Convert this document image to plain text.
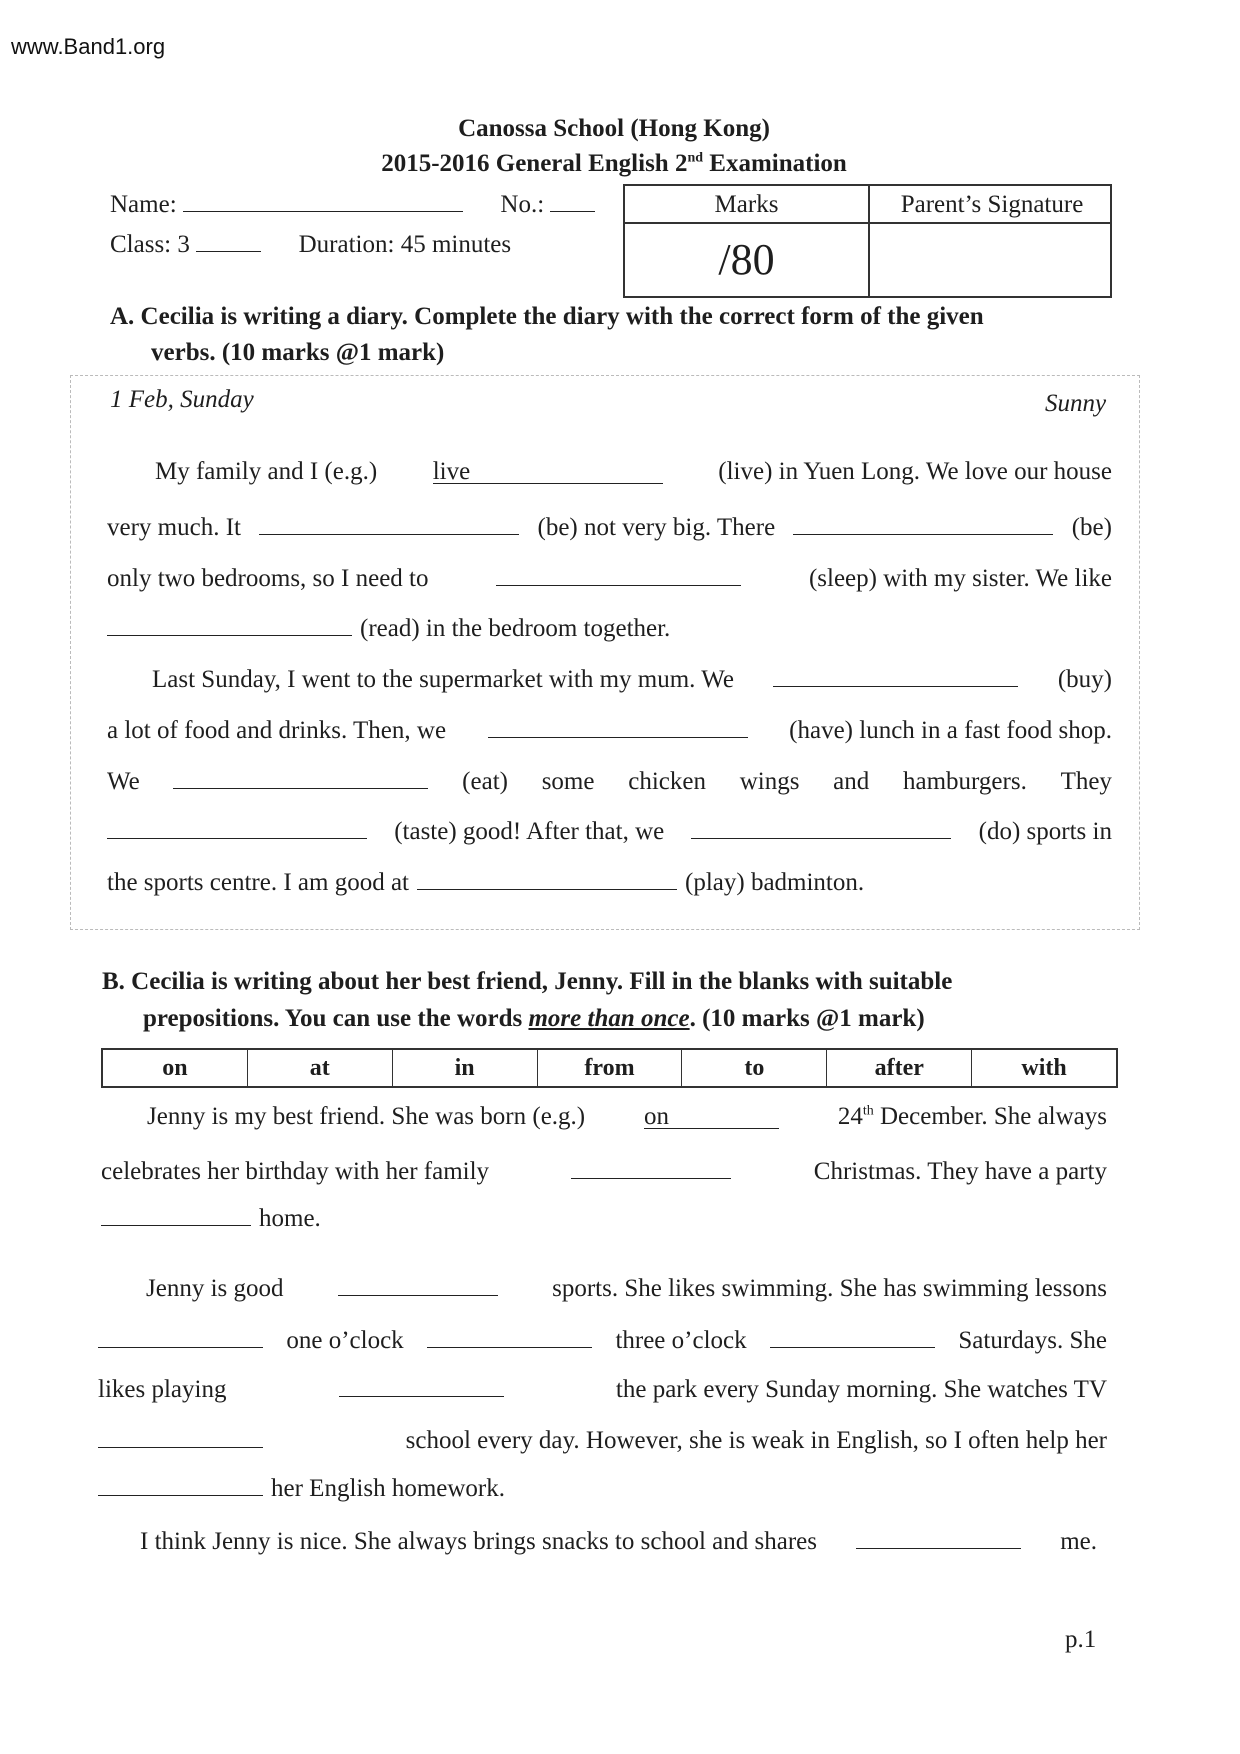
www.Band1.org
Canossa School (Hong Kong)
2015-2016 General English 2nd Examination
Name:	No.:
Class: 3	Duration: 45 minutes
Marks	Parent’s Signature
/80
A. Cecilia is writing a diary. Complete the diary with the correct form of the given
verbs. (10 marks @1 mark)
1 Feb, Sunday	Sunny
My family and I (e.g.) live	(live) in Yuen Long. We love our house
very much. It	(be) not very big. There	(be)
only two bedrooms, so I need to	(sleep) with my sister. We like
(read) in the bedroom together.
Last Sunday, I went to the supermarket with my mum. We	(buy)
a lot of food and drinks. Then, we	(have) lunch in a fast food shop.
We	(eat) some chicken wings and hamburgers. They
(taste) good! After that, we	(do) sports in
the sports centre. I am good at	(play) badminton.
B. Cecilia is writing about her best friend, Jenny. Fill in the blanks with suitable
prepositions. You can use the words more than once. (10 marks @1 mark)
on	at	in	from	to	after	with
Jenny is my best friend. She was born (e.g.) on	24th December. She always
celebrates her birthday with her family	Christmas. They have a party
home.
Jenny is good	sports. She likes swimming. She has swimming lessons
one o’clock	three o’clock	Saturdays. She
likes playing	the park every Sunday morning. She watches TV
school every day. However, she is weak in English, so I often help her
her English homework.
I think Jenny is nice. She always brings snacks to school and shares	me.
p.1
